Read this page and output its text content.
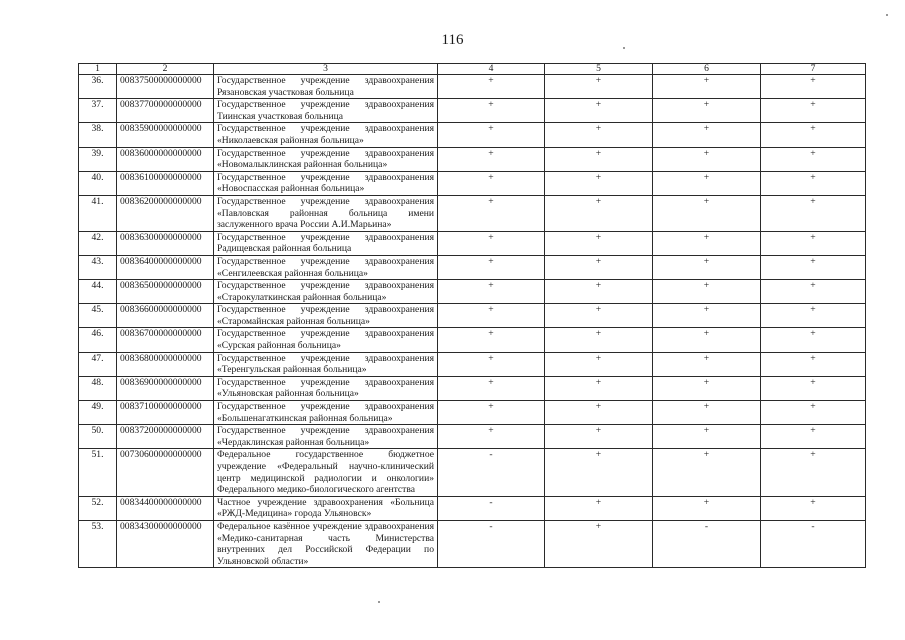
116
1	2	3	4	5	6	7
36.	00837500000000000	Государственное учреждение здравоохранения Рязановская участковая больница	+	+	+	+
37.	00837700000000000	Государственное учреждение здравоохранения Тиинская участковая больница	+	+	+	+
38.	00835900000000000	Государственное учреждение здравоохранения «Николаевская районная больница»	+	+	+	+
39.	00836000000000000	Государственное учреждение здравоохранения «Новомалыклинская районная больница»	+	+	+	+
40.	00836100000000000	Государственное учреждение здравоохранения «Новоспасская районная больница»	+	+	+	+
41.	00836200000000000	Государственное учреждение здравоохранения «Павловская районная больница имени заслуженного врача России А.И.Марьина»	+	+	+	+
42.	00836300000000000	Государственное учреждение здравоохранения Радищевская районная больница	+	+	+	+
43.	00836400000000000	Государственное учреждение здравоохранения «Сенгилеевская районная больница»	+	+	+	+
44.	00836500000000000	Государственное учреждение здравоохранения «Старокулаткинская районная больница»	+	+	+	+
45.	00836600000000000	Государственное учреждение здравоохранения «Старомайнская районная больница»	+	+	+	+
46.	00836700000000000	Государственное учреждение здравоохранения «Сурская районная больница»	+	+	+	+
47.	00836800000000000	Государственное учреждение здравоохранения «Теренгульская районная больница»	+	+	+	+
48.	00836900000000000	Государственное учреждение здравоохранения «Ульяновская районная больница»	+	+	+	+
49.	00837100000000000	Государственное учреждение здравоохранения «Большенагаткинская районная больница»	+	+	+	+
50.	00837200000000000	Государственное учреждение здравоохранения «Чердаклинская районная больница»	+	+	+	+
51.	00730600000000000	Федеральное государственное бюджетное учреждение «Федеральный научно-клинический центр медицинской радиологии и онкологии» Федерального медико-биологического агентства	-	+	+	+
52.	00834400000000000	Частное учреждение здравоохранения «Больница «РЖД-Медицина» города Ульяновск»	-	+	+	+
53.	00834300000000000	Федеральное казённое учреждение здравоохранения «Медико-санитарная часть Министерства внутренних дел Российской Федерации по Ульяновской области»	-	+	-	-
